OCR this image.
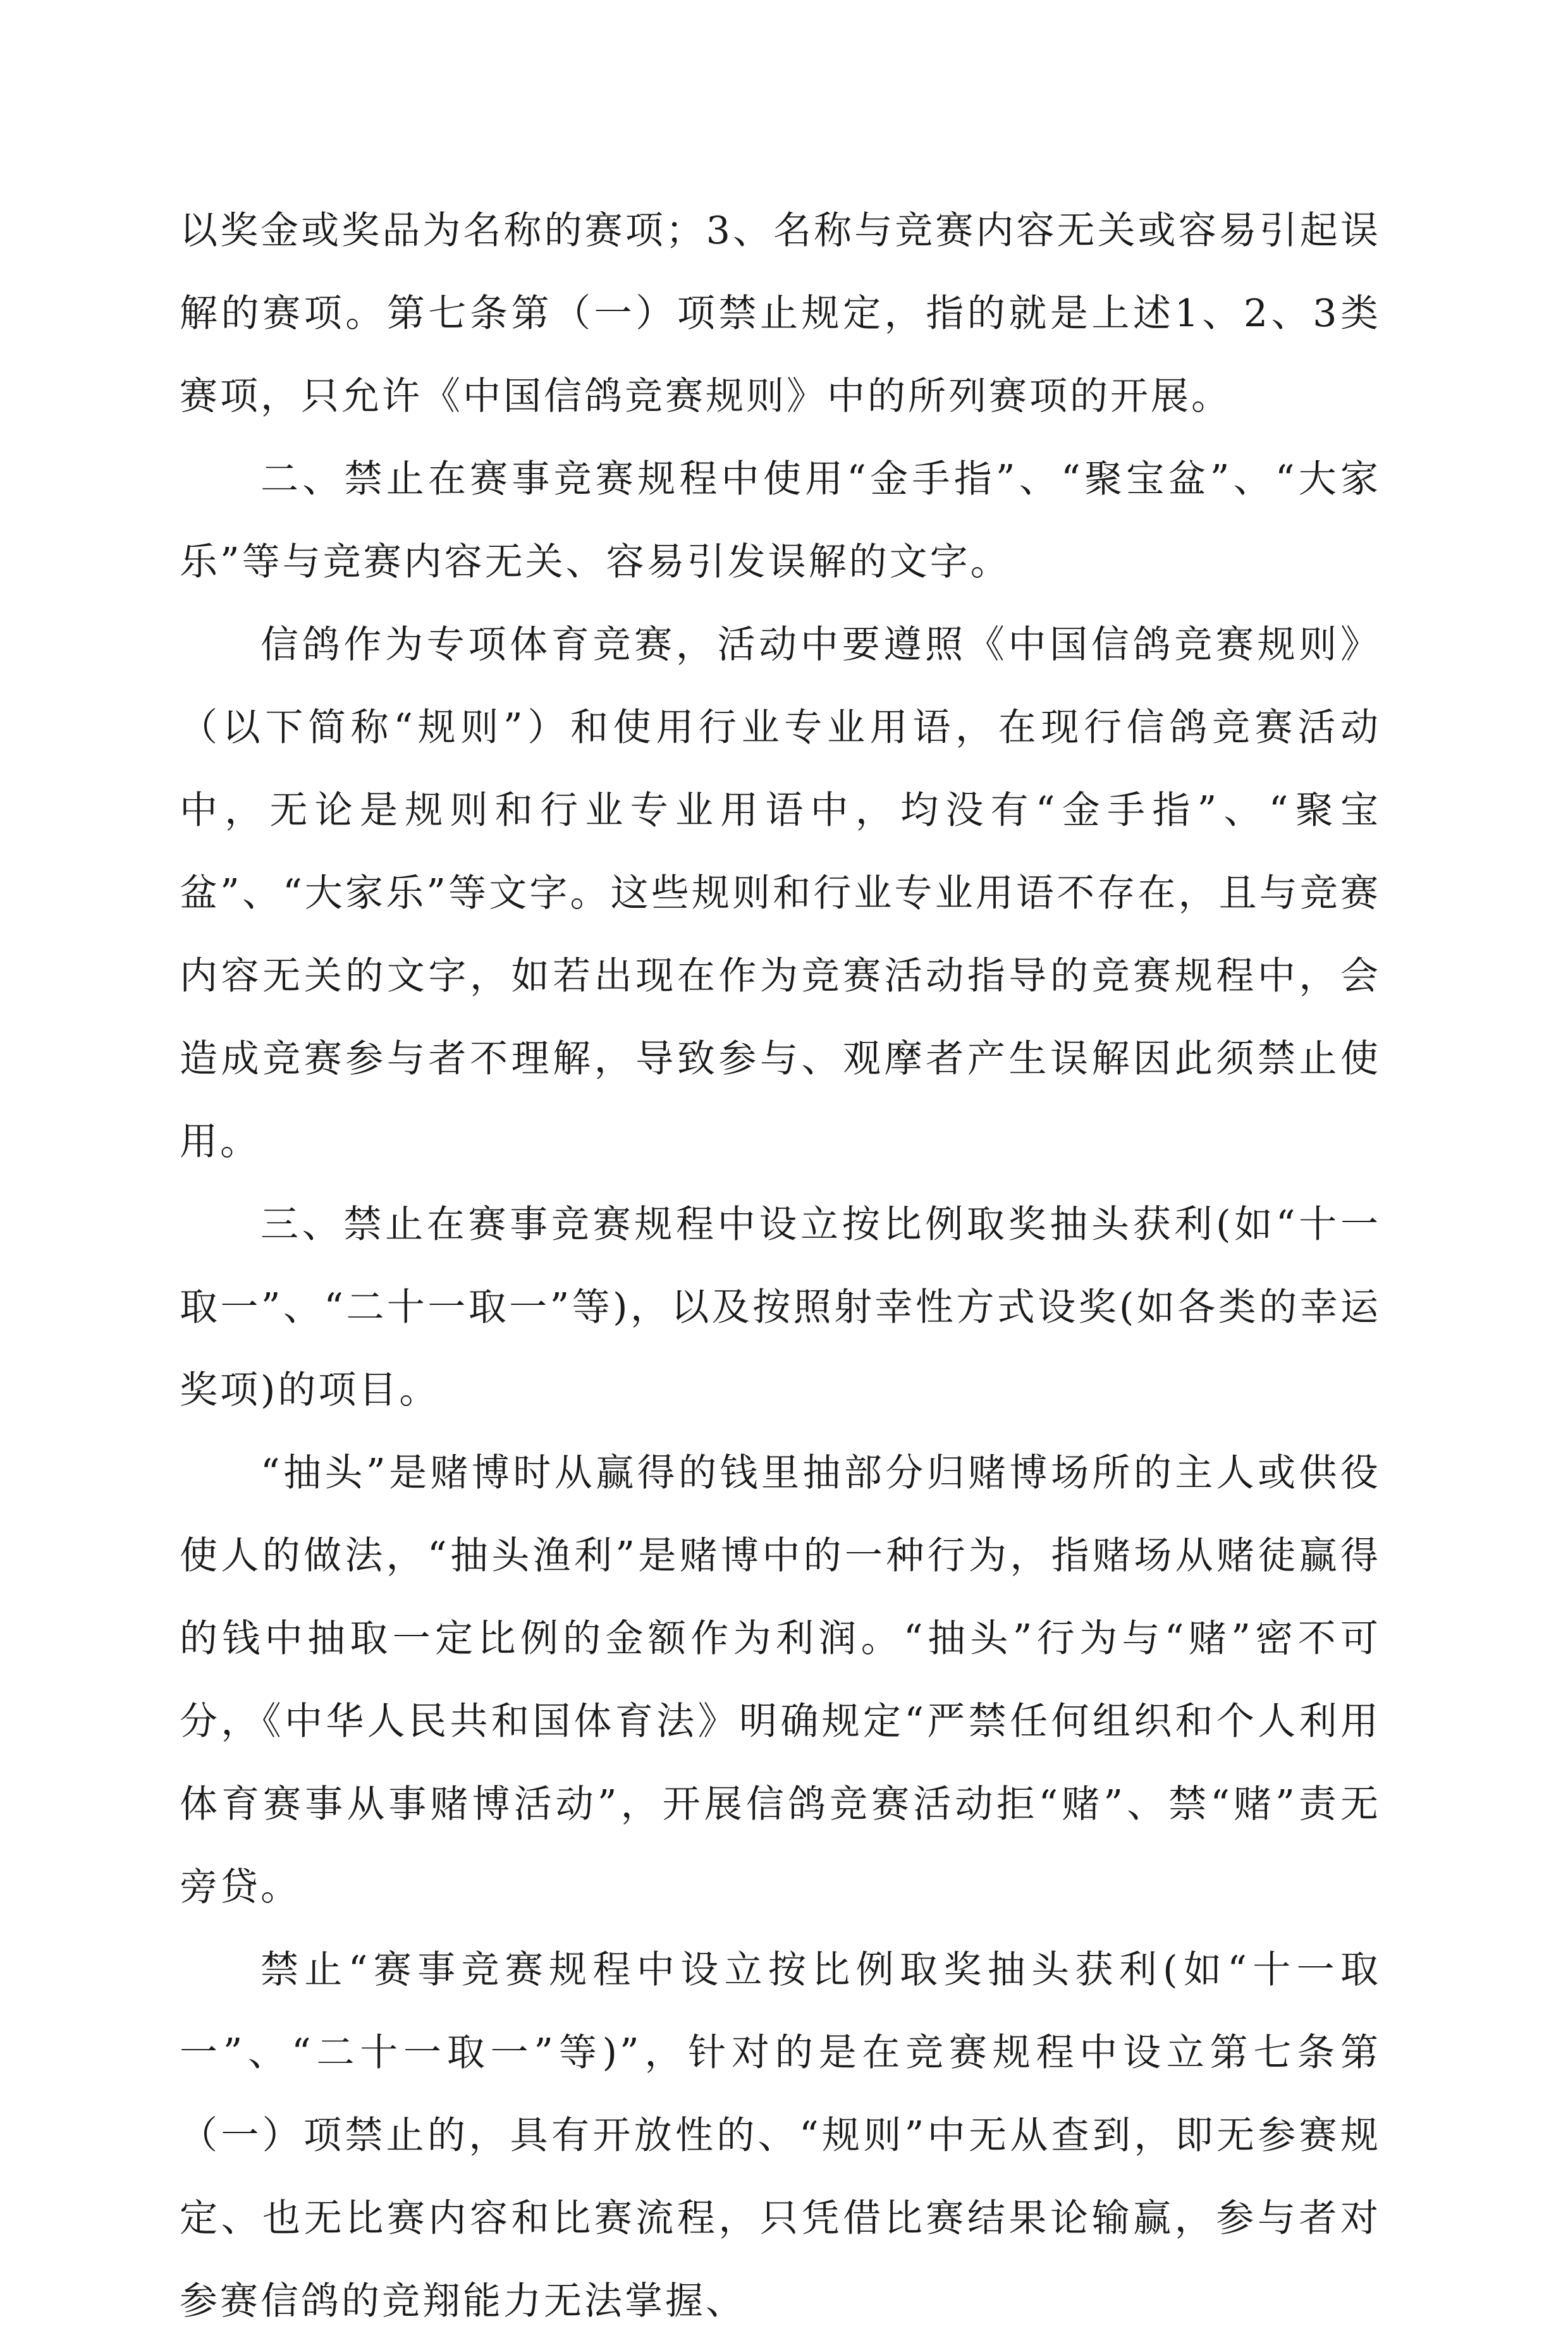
以奖金或奖品为名称的赛项；3、名称与竞赛内容无关或容易引起误解的赛项。第七条第（一）项禁止规定，指的就是上述1、2、3类赛项，只允许《中国信鸽竞赛规则》中的所列赛项的开展。

二、禁止在赛事竞赛规程中使用“金手指”、“聚宝盆”、“大家乐”等与竞赛内容无关、容易引发误解的文字。

信鸽作为专项体育竞赛，活动中要遵照《中国信鸽竞赛规则》（以下简称“规则”）和使用行业专业用语，在现行信鸽竞赛活动中，无论是规则和行业专业用语中，均没有“金手指”、“聚宝盆”、“大家乐”等文字。这些规则和行业专业用语不存在，且与竞赛内容无关的文字，如若出现在作为竞赛活动指导的竞赛规程中，会造成竞赛参与者不理解，导致参与、观摩者产生误解因此须禁止使用。

三、禁止在赛事竞赛规程中设立按比例取奖抽头获利(如“十一取一”、“二十一取一”等)，以及按照射幸性方式设奖(如各类的幸运奖项)的项目。

“抽头”是赌博时从赢得的钱里抽部分归赌博场所的主人或供役使人的做法，“抽头渔利”是赌博中的一种行为，指赌场从赌徒赢得的钱中抽取一定比例的金额作为利润。“抽头”行为与“赌”密不可分，《中华人民共和国体育法》明确规定“严禁任何组织和个人利用体育赛事从事赌博活动”，开展信鸽竞赛活动拒“赌”、禁“赌”责无旁贷。

禁止“赛事竞赛规程中设立按比例取奖抽头获利(如“十一取一”、“二十一取一”等)”，针对的是在竞赛规程中设立第七条第（一）项禁止的，具有开放性的、“规则”中无从查到，即无参赛规定、也无比赛内容和比赛流程，只凭借比赛结果论输赢，参与者对参赛信鸽的竞翔能力无法掌握、
